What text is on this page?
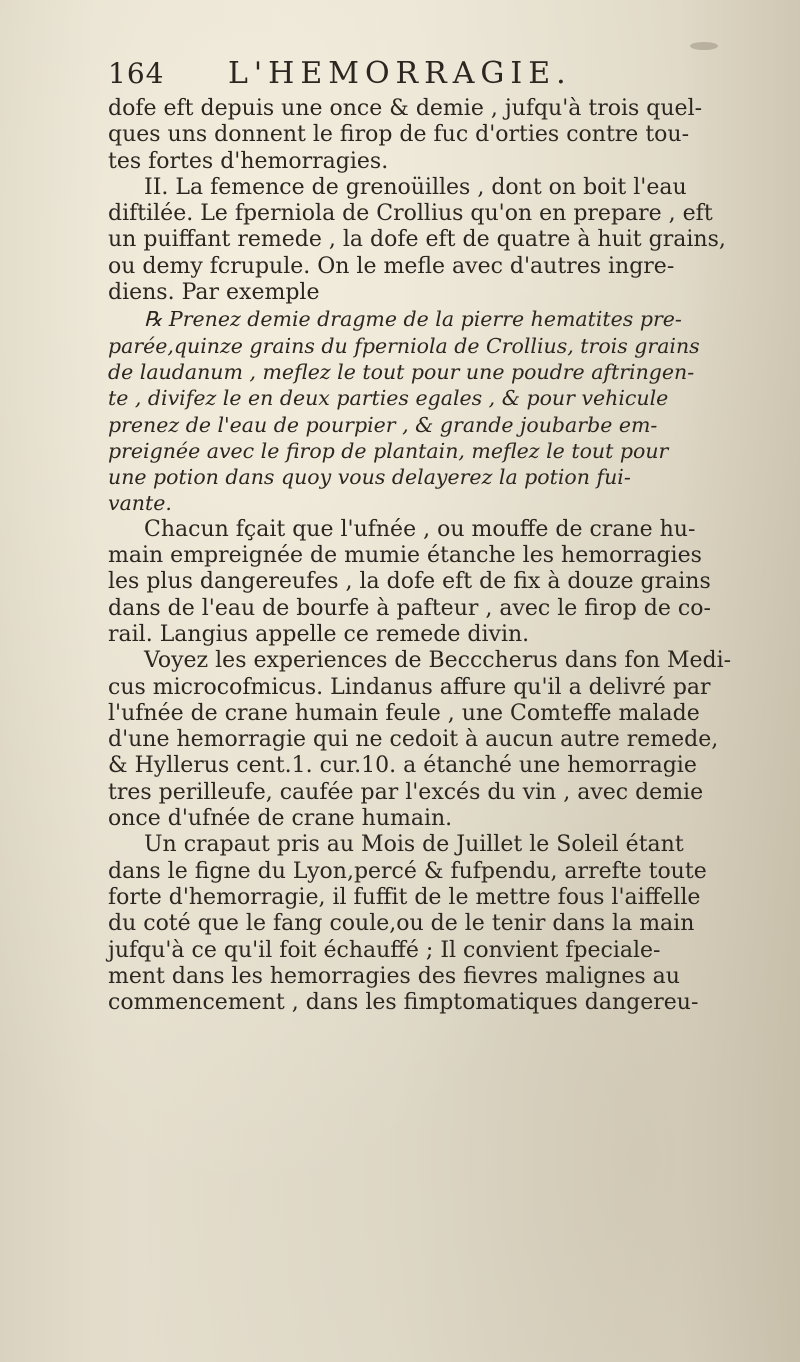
164	L'HEMORRAGIE.
dofe eft depuis une once & demie , jufqu'à trois quel-
ques uns donnent le firop de fuc d'orties contre tou-
tes fortes d'hemorragies.
II. La femence de grenoüilles , dont on boit l'eau
diftilée. Le fperniola de Crollius qu'on en prepare , eft
un puiffant remede , la dofe eft de quatre à huit grains,
ou demy fcrupule. On le mefle avec d'autres ingre-
diens. Par exemple
℞ Prenez demie dragme de la pierre hematites pre-
parée,quinze grains du fperniola de Crollius, trois grains
de laudanum , meflez le tout pour une poudre aftringen-
te , divifez le en deux parties egales , & pour vehicule
prenez de l'eau de pourpier , & grande joubarbe em-
preignée avec le firop de plantain, meflez le tout pour
une potion dans quoy vous delayerez la potion fui-
vante.
Chacun fçait que l'ufnée , ou mouffe de crane hu-
main empreignée de mumie étanche les hemorragies
les plus dangereufes , la dofe eft de fix à douze grains
dans de l'eau de bourfe à pafteur , avec le firop de co-
rail. Langius appelle ce remede divin.
Voyez les experiences de Becccherus dans fon Medi-
cus microcofmicus. Lindanus affure qu'il a delivré par
l'ufnée de crane humain feule , une Comteffe malade
d'une hemorragie qui ne cedoit à aucun autre remede,
& Hyllerus cent.1. cur.10. a étanché une hemorragie
tres perilleufe, caufée par l'excés du vin , avec demie
once d'ufnée de crane humain.
Un crapaut pris au Mois de Juillet le Soleil étant
dans le figne du Lyon,percé & fufpendu, arrefte toute
forte d'hemorragie, il fuffit de le mettre fous l'aiffelle
du coté que le fang coule,ou de le tenir dans la main
jufqu'à ce qu'il foit échauffé ; Il convient fpeciale-
ment dans les hemorragies des fievres malignes au
commencement , dans les fimptomatiques dangereu-
